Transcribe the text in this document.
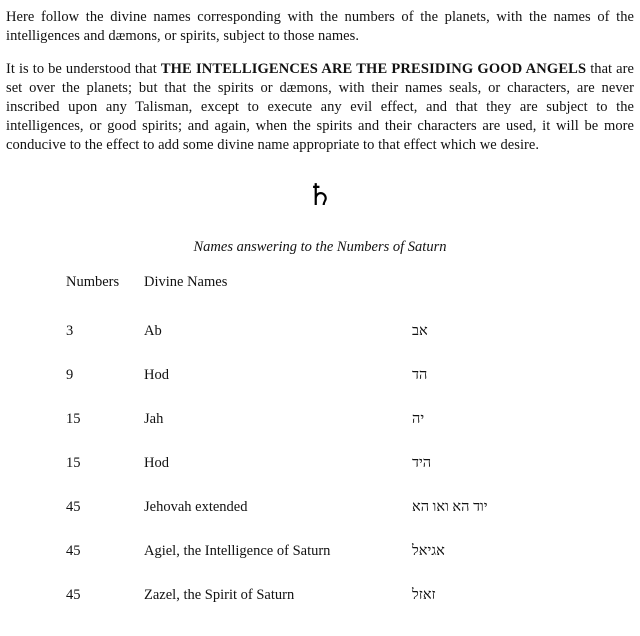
Here follow the divine names corresponding with the numbers of the planets, with the names of the intelligences and dæmons, or spirits, subject to those names.

It is to be understood that THE INTELLIGENCES ARE THE PRESIDING GOOD ANGELS that are set over the planets; but that the spirits or dæmons, with their names seals, or characters, are never inscribed upon any Talisman, except to execute any evil effect, and that they are subject to the intelligences, or good spirits; and again, when the spirits and their characters are used, it will be more conducive to the effect to add some divine name appropriate to that effect which we desire.

♄
Names answering to the Numbers of Saturn
Numbers	Divine Names	
3	Ab	אב
9	Hod	הד
15	Jah	יה
15	Hod	היד
45	Jehovah extended	יוד הא ואו הא
45	Agiel, the Intelligence of Saturn	אגיאל
45	Zazel, the Spirit of Saturn	זאזל
